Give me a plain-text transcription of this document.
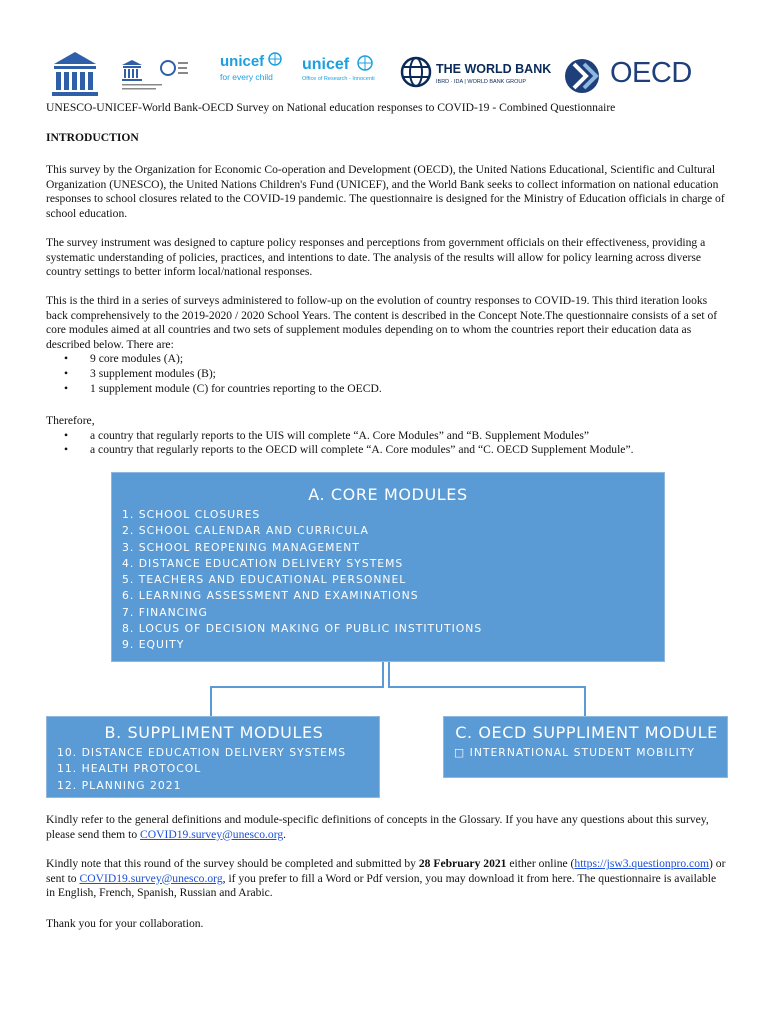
unicef
for every child
unicef
Office of Research - Innocenti
THE WORLD BANK
IBRD · IDA | WORLD BANK GROUP	OECD
UNESCO-UNICEF-World Bank-OECD Survey on National education responses to COVID-19 - Combined Questionnaire
INTRODUCTION
This survey by the Organization for Economic Co-operation and Development (OECD), the United Nations Educational, Scientific and Cultural Organization (UNESCO), the United Nations Children's Fund (UNICEF), and the World Bank seeks to collect information on national education responses to school closures related to the COVID-19 pandemic. The questionnaire is designed for the Ministry of Education officials in charge of school education.
The survey instrument was designed to capture policy responses and perceptions from government officials on their effectiveness, providing a systematic understanding of policies, practices, and intentions to date. The analysis of the results will allow for policy learning across diverse country settings to better inform local/national responses.
This is the third in a series of surveys administered to follow-up on the evolution of country responses to COVID-19. This third iteration looks back comprehensively to the 2019-2020 / 2020 School Years. The content is described in the Concept Note.The questionnaire consists of a set of core modules aimed at all countries and two sets of supplement modules depending on to whom the countries report their education data as described below. There are:
• 9 core modules (A);
• 3 supplement modules (B);
• 1 supplement module (C) for countries reporting to the OECD.
Therefore,
• a country that regularly reports to the UIS will complete “A. Core Modules” and “B. Supplement Modules”
• a country that regularly reports to the OECD will complete “A. Core modules” and “C. OECD Supplement Module”.
A. CORE MODULES
1. SCHOOL CLOSURES
2. SCHOOL CALENDAR AND CURRICULA
3. SCHOOL REOPENING MANAGEMENT
4. DISTANCE EDUCATION DELIVERY SYSTEMS
5. TEACHERS AND EDUCATIONAL PERSONNEL
6. LEARNING ASSESSMENT AND EXAMINATIONS
7. FINANCING
8. LOCUS OF DECISION MAKING OF PUBLIC INSTITUTIONS
9. EQUITY
B. SUPPLIMENT MODULES
10. DISTANCE EDUCATION DELIVERY SYSTEMS
11. HEALTH PROTOCOL
12. PLANNING 2021
C. OECD SUPPLIMENT MODULE
□ INTERNATIONAL STUDENT MOBILITY
Kindly refer to the general definitions and module-specific definitions of concepts in the Glossary. If you have any questions about this survey, please send them to COVID19.survey@unesco.org.
Kindly note that this round of the survey should be completed and submitted by 28 February 2021 either online (https://jsw3.questionpro.com) or sent to COVID19.survey@unesco.org, if you prefer to fill a Word or Pdf version, you may download it from here. The questionnaire is available in English, French, Spanish, Russian and Arabic.
Thank you for your collaboration.
